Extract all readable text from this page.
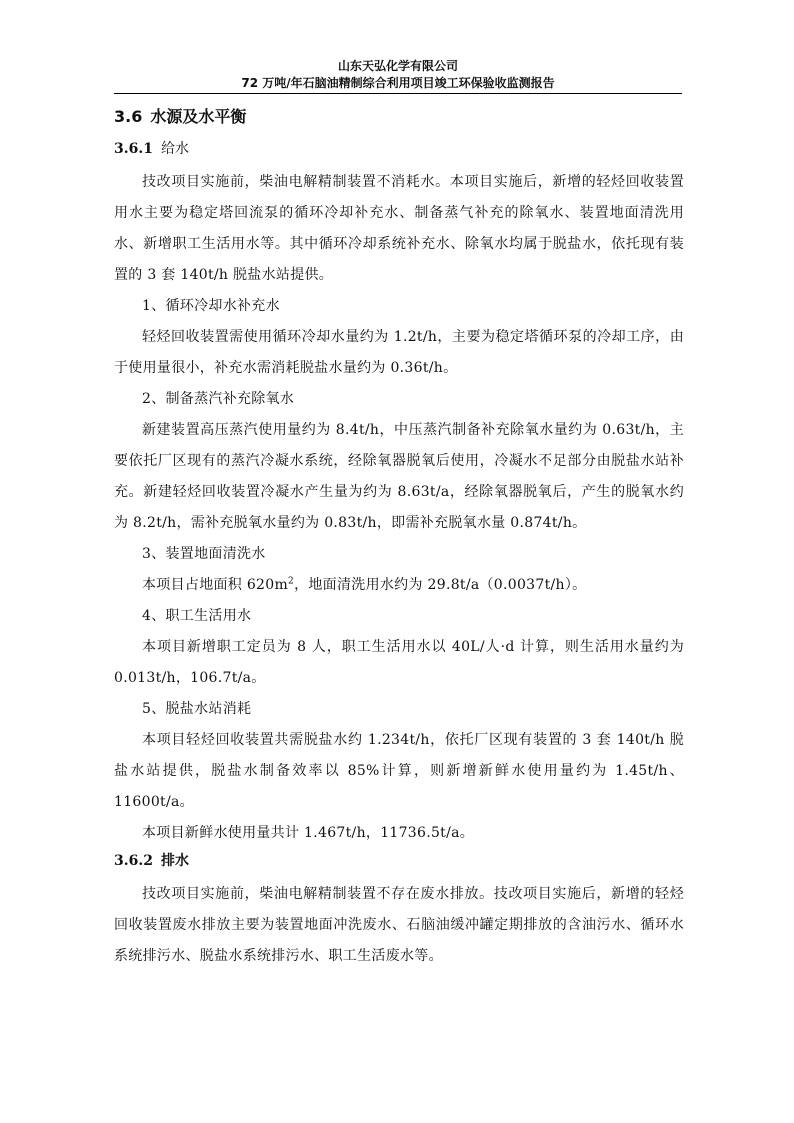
山东天弘化学有限公司
72 万吨/年石脑油精制综合利用项目竣工环保验收监测报告
3.6 水源及水平衡
3.6.1 给水

技改项目实施前，柴油电解精制装置不消耗水。本项目实施后，新增的轻烃回收装置用水主要为稳定塔回流泵的循环冷却补充水、制备蒸气补充的除氧水、装置地面清洗用水、新增职工生活用水等。其中循环冷却系统补充水、除氧水均属于脱盐水，依托现有装置的 3 套 140t/h 脱盐水站提供。

1、循环冷却水补充水

轻烃回收装置需使用循环冷却水量约为 1.2t/h，主要为稳定塔循环泵的冷却工序，由于使用量很小，补充水需消耗脱盐水量约为 0.36t/h。

2、制备蒸汽补充除氧水

新建装置高压蒸汽使用量约为 8.4t/h，中压蒸汽制备补充除氧水量约为 0.63t/h，主要依托厂区现有的蒸汽冷凝水系统，经除氧器脱氧后使用，冷凝水不足部分由脱盐水站补充。新建轻烃回收装置冷凝水产生量为约为 8.63t/a，经除氧器脱氧后，产生的脱氧水约为 8.2t/h，需补充脱氧水量约为 0.83t/h，即需补充脱氧水量 0.874t/h。

3、装置地面清洗水

本项目占地面积 $620m^2$，地面清洗用水约为 29.8t/a（0.0037t/h）。

4、职工生活用水

本项目新增职工定员为 8 人，职工生活用水以 40L/人·d 计算，则生活用水量约为 0.013t/h，106.7t/a。

5、脱盐水站消耗

本项目轻烃回收装置共需脱盐水约 1.234t/h，依托厂区现有装置的 3 套 140t/h 脱盐水站提供，脱盐水制备效率以 85%计算，则新增新鲜水使用量约为 1.45t/h、11600t/a。

本项目新鲜水使用量共计 1.467t/h，11736.5t/a。

3.6.2 排水

技改项目实施前，柴油电解精制装置不存在废水排放。技改项目实施后，新增的轻烃回收装置废水排放主要为装置地面冲洗废水、石脑油缓冲罐定期排放的含油污水、循环水系统排污水、脱盐水系统排污水、职工生活废水等。
